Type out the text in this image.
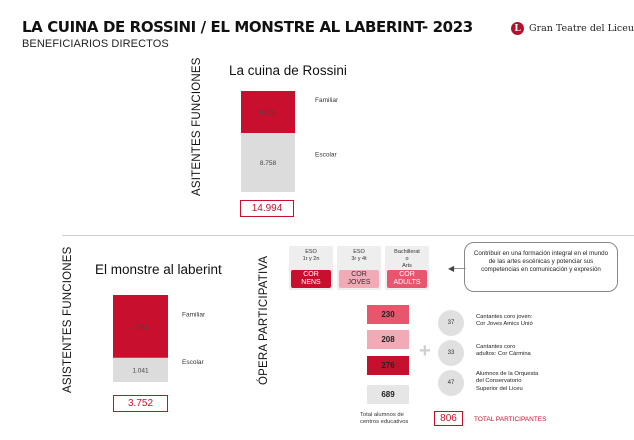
LA CUINA DE ROSSINI / EL MONSTRE AL LABERINT- 2023
BENEFICIARIOS DIRECTOS
L Gran Teatre del Liceu
La cuina de Rossini
ASITENTES FUNCIONES
14.994
El monstre al laberint
ASISTENTES FUNCIONES
3.752
6.236
Familiar
8.758
Escolar
2.711
Familiar
1.041
Escolar	ÓPERA PARTICIPATIVA
ESO
1r y 2n
COR
NENS
ESO
3r y 4t
COR
JOVES
Bachillerat
o
Arts
COR
ADULTS
◀──
Contribuir en una formación integral en el mundo de las artes escénicas y potenciar sus competencias en comunicación y expresión
230
208
276
689
Total alumnos de
centros educativos
+
37
Cantantes coro joven:
Cor Joves Amics Unió
33
Cantantes coro
adultos: Cor Càrmina
47
Alumnos de la Orquesta
del Conservatorio
Superior del Liceu
806	TOTAL PARTICIPANTES
